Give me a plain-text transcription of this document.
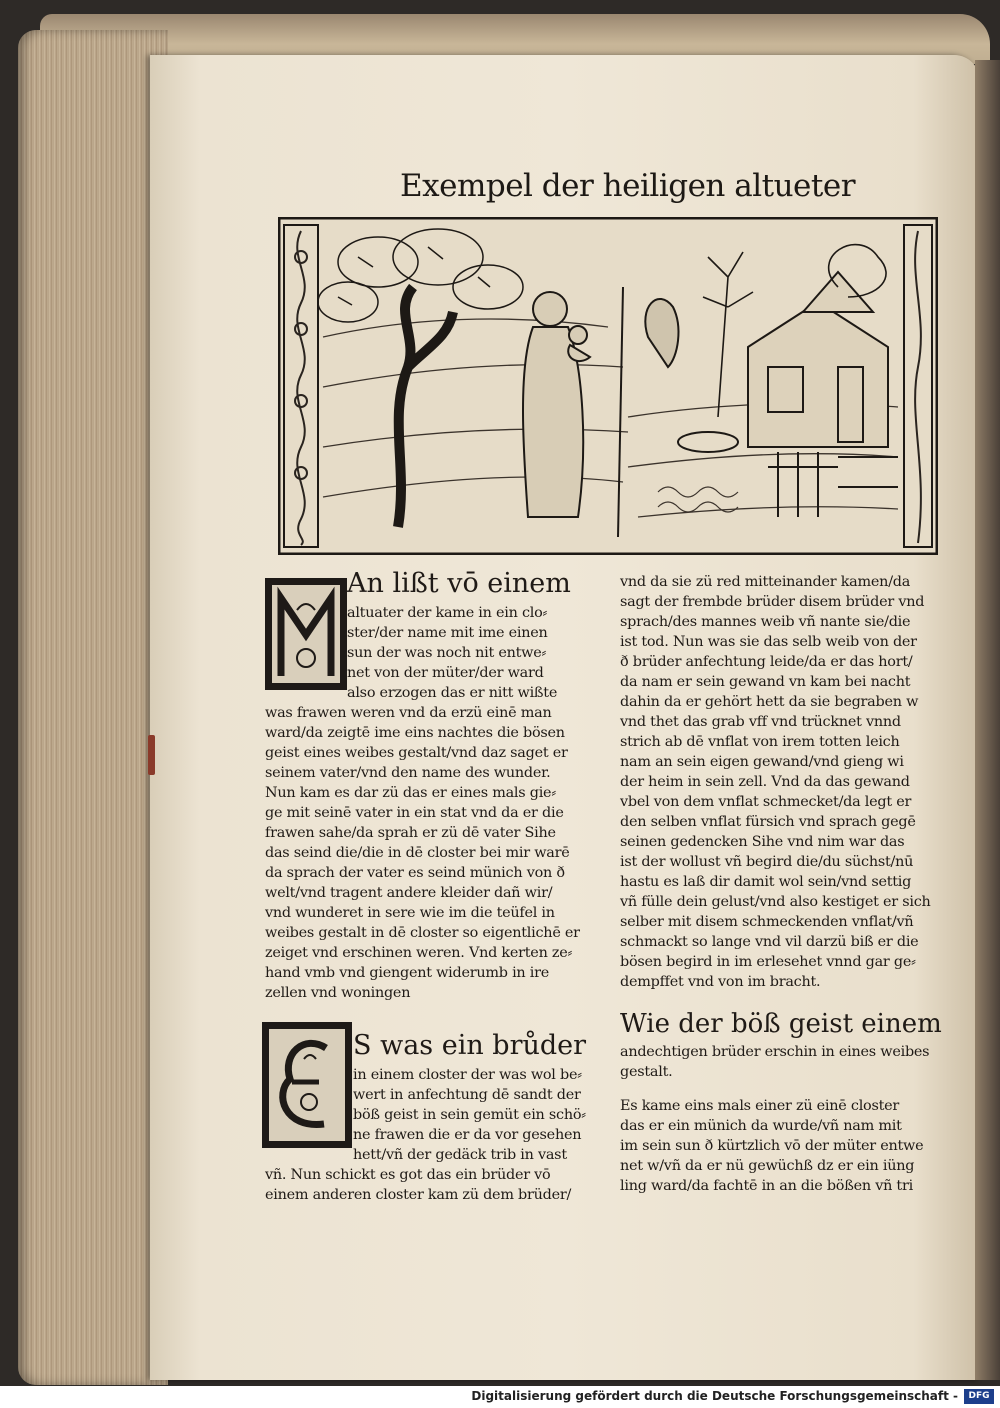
Exempel der heiligen altueter
An lißt vō einem
altuater der kame in ein clo⸗
ster/der name mit ime einen
sun der was noch nit entwe⸗
net von der müter/der ward
also erzogen das er nitt wißte
was frawen weren vnd da erzü einē man
ward/da zeigtē ime eins nachtes die bösen
geist eines weibes gestalt/vnd daz saget er
seinem vater/vnd den name des wunder.
Nun kam es dar zü das er eines mals gie⸗
ge mit seinē vater in ein stat vnd da er die
frawen sahe/da sprah er zü dē vater Sihe
das seind die/die in dē closter bei mir warē
da sprach der vater es seind münich von ð
welt/vnd tragent andere kleider dañ wir/
vnd wunderet in sere wie im die teüfel in
weibes gestalt in dē closter so eigentlichē er
zeiget vnd erschinen weren. Vnd kerten ze⸗
hand vmb vnd giengent widerumb in ire
zellen vnd woningen
S was ein brůder
in einem closter der was wol be⸗
wert in anfechtung dē sandt der
böß geist in sein gemüt ein schö⸗
ne frawen die er da vor gesehen
hett/vñ der gedäck trib in vast
vñ. Nun schickt es got das ein brüder vō
einem anderen closter kam zü dem brüder/
vnd da sie zü red mitteinander kamen/da
sagt der frembde brüder disem brüder vnd
sprach/des mannes weib vñ nante sie/die
ist tod. Nun was sie das selb weib von der
ð brüder anfechtung leide/da er das hort/
da nam er sein gewand vn kam bei nacht
dahin da er gehört hett da sie begraben w
vnd thet das grab vff vnd trücknet vnnd
strich ab dē vnflat von irem totten leich
nam an sein eigen gewand/vnd gieng wi
der heim in sein zell. Vnd da das gewand
vbel von dem vnflat schmecket/da legt er
den selben vnflat fürsich vnd sprach gegē
seinen gedencken Sihe vnd nim war das
ist der wollust vñ begird die/du süchst/nū
hastu es laß dir damit wol sein/vnd settig
vñ fülle dein gelust/vnd also kestiget er sich
selber mit disem schmeckenden vnflat/vñ
schmackt so lange vnd vil darzü biß er die
bösen begird in im erlesehet vnnd gar ge⸗
dempffet vnd von im bracht.
Wie der böß geist einem
andechtigen brüder erschin in eines weibes
gestalt.
Es kame eins mals einer zü einē closter
das er ein münich da wurde/vñ nam mit
im sein sun ð kürtzlich vō der müter entwe
net w/vñ da er nü gewüchß dz er ein iüng
ling ward/da fachtē in an die bößen vñ tri
Digitalisierung gefördert durch die Deutsche Forschungsgemeinschaft -	DFG
